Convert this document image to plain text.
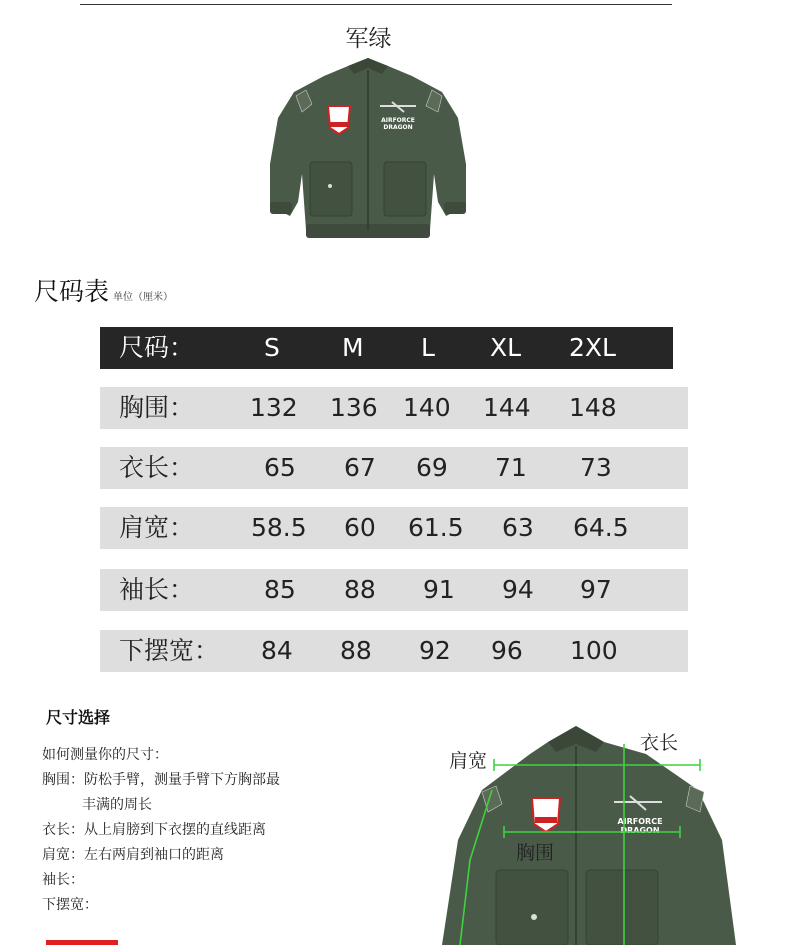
军绿
AIRFORCE
DRAGON
尺码表 单位（厘米）
尺码：	S M L XL 2XL
胸围： 132 136 140 144 148
衣长：	65 67 69 71 73
肩宽： 58.5 60 61.5 63 64.5
袖长：	85 88 91 94 97
下摆宽： 84 88 92 96 100
尺寸选择
如何测量你的尺寸：
胸围：防松手臂，测量手臂下方胸部最
丰满的周长
衣长：从上肩膀到下衣摆的直线距离
肩宽：左右两肩到袖口的距离
袖长：
下摆宽：
AIRFORCE
DRAGON
衣长
肩宽
胸围
